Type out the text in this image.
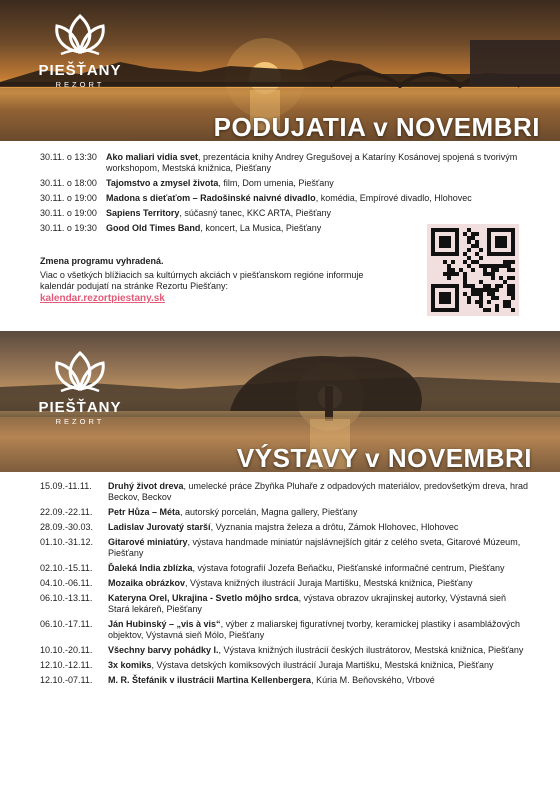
PIEŠŤANY
REZORT
PODUJATIA v NOVEMBRI
30.11. o 13:30	Ako maliari vidia svet, prezentácia knihy Andrey Gregušovej a Kataríny Kosánovej spojená s tvorivým workshopom, Mestská knižnica, Piešťany
30.11. o 18:00	Tajomstvo a zmysel života, film, Dom umenia, Piešťany
30.11. o 19:00	Madona s dieťaťom – Radošinské naivné divadlo, komédia, Empírové divadlo, Hlohovec
30.11. o 19:00	Sapiens Territory, súčasný tanec, KKC ARTA, Piešťany
30.11. o 19:30	Good Old Times Band, koncert, La Musica, Piešťany
Zmena programu vyhradená.
Viac o všetkých blížiacich sa kultúrnych akciách v piešťanskom regióne informuje kalendár podujatí na stránke Rezortu Piešťany:
kalendar.rezortpiestany.sk
PIEŠŤANY
REZORT
VÝSTAVY v NOVEMBRI
15.09.-11.11.	Druhý život dreva, umelecké práce Zbyňka Pluhaře z odpadových materiálov, predovšetkým dreva, hrad Beckov, Beckov
22.09.-22.11.	Petr Hůza – Méta, autorský porcelán, Magna gallery, Piešťany
28.09.-30.03.	Ladislav Jurovatý starší, Vyznania majstra železa a drôtu, Zámok Hlohovec, Hlohovec
01.10.-31.12.	Gitarové miniatúry, výstava handmade miniatúr najslávnejších gitár z celého sveta, Gitarové Múzeum, Piešťany
02.10.-15.11.	Ďaleká India zblízka, výstava fotografií Jozefa Beňačku, Piešťanské informačné centrum, Piešťany
04.10.-06.11.	Mozaika obrázkov, Výstava knižných ilustrácií Juraja Martišku, Mestská knižnica, Piešťany
06.10.-13.11.	Kateryna Orel, Ukrajina - Svetlo môjho srdca, výstava obrazov ukrajinskej autorky, Výstavná sieň Stará lekáreň, Piešťany
06.10.-17.11.	Ján Hubinský – „vis à vis“, výber z maliarskej figuratívnej tvorby, keramickej plastiky i asamblážových objektov, Výstavná sieň Mólo, Piešťany
10.10.-20.11.	Všechny barvy pohádky I., Výstava knižných ilustrácií českých ilustrátorov, Mestská knižnica, Piešťany
12.10.-12.11.	3x komiks, Výstava detských komiksových ilustrácií Juraja Martišku, Mestská knižnica, Piešťany
12.10.-07.11.	M. R. Štefánik v ilustrácii Martina Kellenbergera, Kúria M. Beňovského, Vrbové
